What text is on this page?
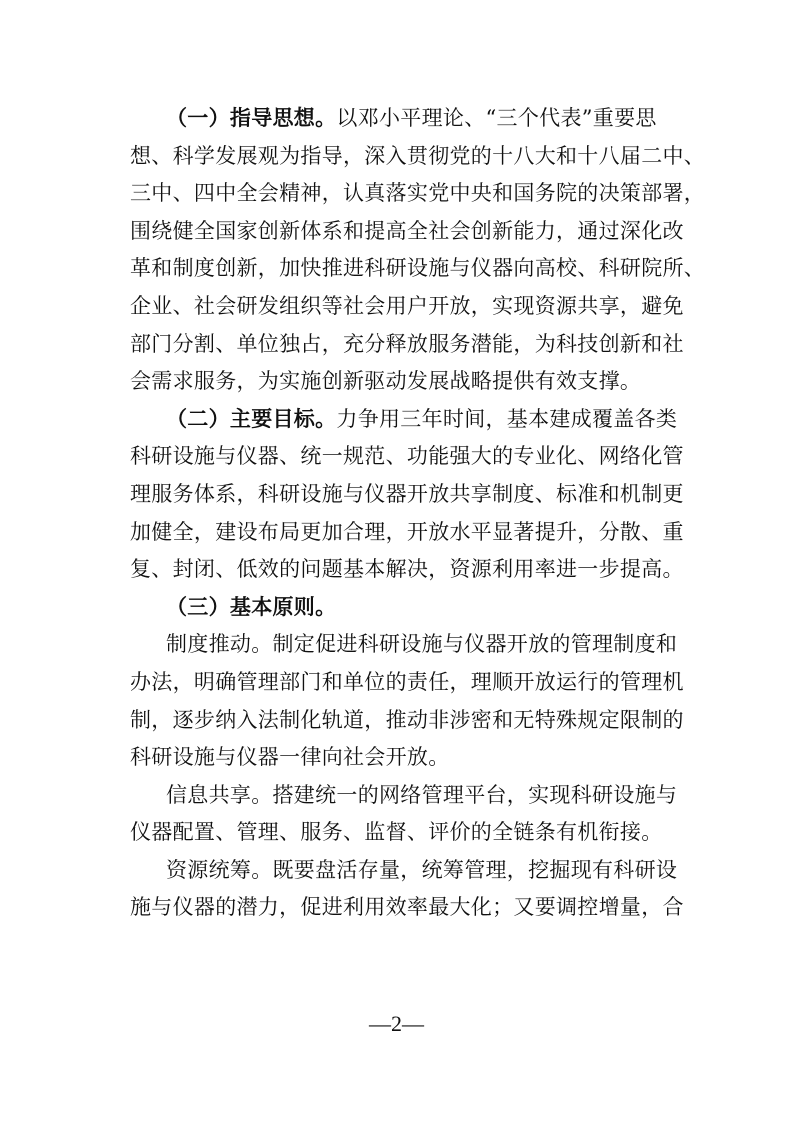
（一）指导思想。以邓小平理论、“三个代表”重要思
想、科学发展观为指导，深入贯彻党的十八大和十八届二中、
三中、四中全会精神，认真落实党中央和国务院的决策部署，
围绕健全国家创新体系和提高全社会创新能力，通过深化改
革和制度创新，加快推进科研设施与仪器向高校、科研院所、
企业、社会研发组织等社会用户开放，实现资源共享，避免
部门分割、单位独占，充分释放服务潜能，为科技创新和社
会需求服务，为实施创新驱动发展战略提供有效支撑。

（二）主要目标。力争用三年时间，基本建成覆盖各类
科研设施与仪器、统一规范、功能强大的专业化、网络化管
理服务体系，科研设施与仪器开放共享制度、标准和机制更
加健全，建设布局更加合理，开放水平显著提升，分散、重
复、封闭、低效的问题基本解决，资源利用率进一步提高。

（三）基本原则。

制度推动。制定促进科研设施与仪器开放的管理制度和
办法，明确管理部门和单位的责任，理顺开放运行的管理机
制，逐步纳入法制化轨道，推动非涉密和无特殊规定限制的
科研设施与仪器一律向社会开放。

信息共享。搭建统一的网络管理平台，实现科研设施与
仪器配置、管理、服务、监督、评价的全链条有机衔接。

资源统筹。既要盘活存量，统筹管理，挖掘现有科研设
施与仪器的潜力，促进利用效率最大化；又要调控增量，合

—2—
